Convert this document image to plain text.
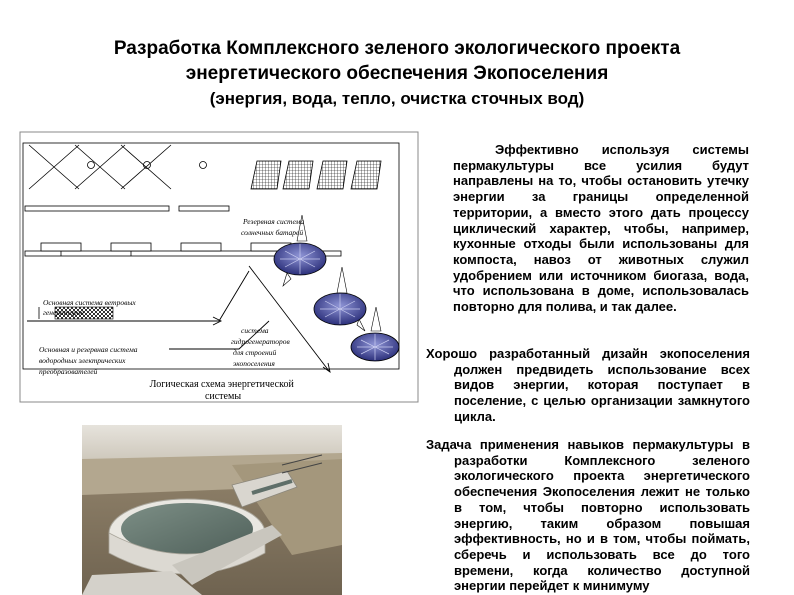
Разработка Комплексного зеленого экологического проекта
энергетического обеспечения Экопоселения
(энергия, вода, тепло, очистка сточных вод)
Резервная система солнечных батарей
Основная система ветровых генераторов
Основная и резервная система водородных электрических преобразователей
система гидрогенераторов для строений экопоселения
Логическая схема энергетической системы

Эффективно используя системы пермакультуры все усилия будут направлены на то, чтобы остановить утечку энергии за границы определенной территории, а вместо этого дать процессу циклический характер, чтобы, например, кухонные отходы были использованы для компоста, навоз от животных служил удобрением или источником биогаза, вода, что использована в доме, использовалась повторно для полива, и так далее.

Хорошо разработанный дизайн экопоселения должен предвидеть использование всех видов энергии, которая поступает в поселение, с целью организации замкнутого цикла.

Задача применения навыков пермакультуры в разработки Комплексного зеленого экологического проекта энергетического обеспечения Экопоселения лежит не только в том, чтобы повторно использовать энергию, таким образом повышая эффективность, но и в том, чтобы поймать, сберечь и использовать все до того времени, когда количество доступной энергии перейдет к минимуму
